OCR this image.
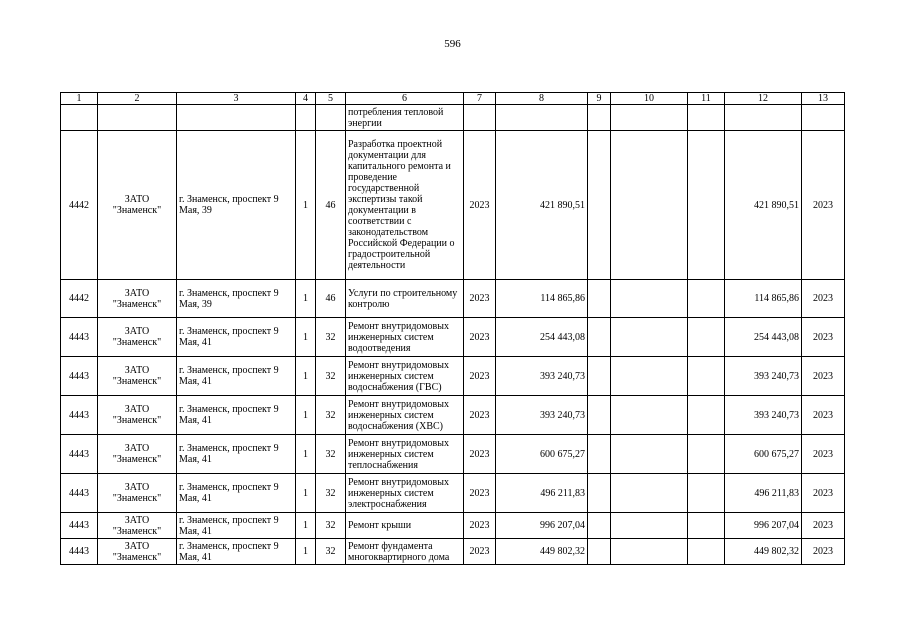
596
1	2	3	4	5	6	7	8	9	10	11	12	13
					потребления тепловой энергии							
4442	ЗАТО "Знаменск"	г. Знаменск, проспект 9 Мая, 39	1	46	Разработка проектной документации для капитального ремонта и проведение государственной экспертизы такой документации в соответствии с законодательством Российской Федерации о градостроительной деятельности	2023	421 890,51				421 890,51	2023
4442	ЗАТО "Знаменск"	г. Знаменск, проспект 9 Мая, 39	1	46	Услуги по строительному контролю	2023	114 865,86				114 865,86	2023
4443	ЗАТО "Знаменск"	г. Знаменск, проспект 9 Мая, 41	1	32	Ремонт внутридомовых инженерных систем водоотведения	2023	254 443,08				254 443,08	2023
4443	ЗАТО "Знаменск"	г. Знаменск, проспект 9 Мая, 41	1	32	Ремонт внутридомовых инженерных систем водоснабжения (ГВС)	2023	393 240,73				393 240,73	2023
4443	ЗАТО "Знаменск"	г. Знаменск, проспект 9 Мая, 41	1	32	Ремонт внутридомовых инженерных систем водоснабжения (ХВС)	2023	393 240,73				393 240,73	2023
4443	ЗАТО "Знаменск"	г. Знаменск, проспект 9 Мая, 41	1	32	Ремонт внутридомовых инженерных систем теплоснабжения	2023	600 675,27				600 675,27	2023
4443	ЗАТО "Знаменск"	г. Знаменск, проспект 9 Мая, 41	1	32	Ремонт внутридомовых инженерных систем электроснабжения	2023	496 211,83				496 211,83	2023
4443	ЗАТО "Знаменск"	г. Знаменск, проспект 9 Мая, 41	1	32	Ремонт крыши	2023	996 207,04				996 207,04	2023
4443	ЗАТО "Знаменск"	г. Знаменск, проспект 9 Мая, 41	1	32	Ремонт фундамента многоквартирного дома	2023	449 802,32				449 802,32	2023
